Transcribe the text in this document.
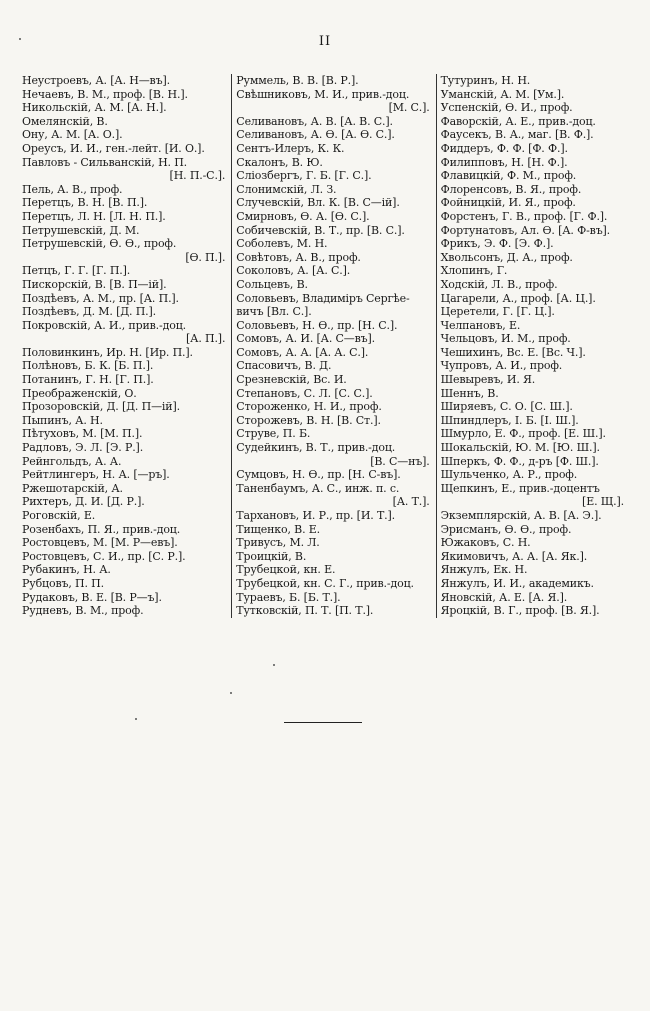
II
Неустроевъ, А. [А. Н—въ].
Нечаевъ, В. М., проф. [В. Н.].
Никольскій, А. М. [А. Н.].
Омелянскій, В.
Ону, А. М. [А. О.].
Ореусъ, И. И., ген.-лейт. [И. О.].
Павловъ - Сильванскій, Н. П.
[Н. П.-С.].
Пель, А. В., проф.
Перетцъ, В. Н. [В. П.].
Перетцъ, Л. Н. [Л. Н. П.].
Петрушевскій, Д. М.
Петрушевскій, Ѳ. Ѳ., проф.
[Ѳ. П.].
Петцъ, Г. Г. [Г. П.].
Пискорскій, В. [В. П—ій].
Поздѣевъ, А. М., пр. [А. П.].
Поздѣевъ, Д. М. [Д. П.].
Покровскій, А. И., прив.-доц.
[А. П.].
Половинкинъ, Ир. Н. [Ир. П.].
Полѣновъ, Б. К. [Б. П.].
Потанинъ, Г. Н. [Г. П.].
Преображенскій, О.
Прозоровскій, Д. [Д. П—ій].
Пыпинъ, А. Н.
Пѣтуховъ, М. [М. П.].
Радловъ, Э. Л. [Э. Р.].
Рейнгольдъ, А. А.
Рейтлингеръ, Н. А. [—ръ].
Ржешотарскій, А.
Рихтеръ, Д. И. [Д. Р.].
Роговскій, Е.
Розенбахъ, П. Я., прив.-доц.
Ростовцевъ, М. [М. Р—евъ].
Ростовцевъ, С. И., пр. [С. Р.].
Рубакинъ, Н. А.
Рубцовъ, П. П.
Рудаковъ, В. Е. [В. Р—ъ].
Рудневъ, В. М., проф.
Руммель, В. В. [В. Р.].
Свѣшниковъ, М. И., прив.-доц.
[М. С.].
Селивановъ, А. В. [А. В. С.].
Селивановъ, А. Ѳ. [А. Ѳ. С.].
Сентъ-Илеръ, К. К.
Скалонъ, В. Ю.
Сліозбергъ, Г. Б. [Г. С.].
Слонимскій, Л. З.
Случевскій, Вл. К. [В. С—ій].
Смирновъ, Ѳ. А. [Ѳ. С.].
Собичевскій, В. Т., пр. [В. С.].
Соболевъ, М. Н.
Совѣтовъ, А. В., проф.
Соколовъ, А. [А. С.].
Сольцевъ, В.
Соловьевъ, Владиміръ Сергѣе-
вичъ [Вл. С.].
Соловьевъ, Н. Ѳ., пр. [Н. С.].
Сомовъ, А. И. [А. С—въ].
Сомовъ, А. А. [А. А. С.].
Спасовичъ, В. Д.
Срезневскій, Вс. И.
Степановъ, С. Л. [С. С.].
Стороженко, Н. И., проф.
Сторожевъ, В. Н. [В. Ст.].
Струве, П. Б.
Судейкинъ, В. Т., прив.-доц.
[В. С—нъ].
Сумцовъ, Н. Ѳ., пр. [Н. С-въ].
Таненбаумъ, А. С., инж. п. с.
[А. Т.].
Тархановъ, И. Р., пр. [И. Т.].
Тищенко, В. Е.
Тривусъ, М. Л.
Троицкій, В.
Трубецкой, кн. Е.
Трубецкой, кн. С. Г., прив.-доц.
Тураевъ, Б. [Б. Т.].
Тутковскій, П. Т. [П. Т.].
Тутуринъ, Н. Н.
Уманскій, А. М. [Ум.].
Успенскій, Ѳ. И., проф.
Фаворскій, А. Е., прив.-доц.
Фаусекъ, В. А., маг. [В. Ф.].
Фиддеръ, Ф. Ф. [Ф. Ф.].
Филипповъ, Н. [Н. Ф.].
Флавицкій, Ф. М., проф.
Флоренсовъ, В. Я., проф.
Фойницкій, И. Я., проф.
Форстенъ, Г. В., проф. [Г. Ф.].
Фортунатовъ, Ал. Ѳ. [А. Ф-въ].
Фрикъ, Э. Ф. [Э. Ф.].
Хвольсонъ, Д. А., проф.
Хлопинъ, Г.
Ходскій, Л. В., проф.
Цагарели, А., проф. [А. Ц.].
Церетели, Г. [Г. Ц.].
Челпановъ, Е.
Чельцовъ, И. М., проф.
Чешихинъ, Вс. Е. [Вс. Ч.].
Чупровъ, А. И., проф.
Шевыревъ, И. Я.
Шеннъ, В.
Ширяевъ, С. О. [С. Ш.].
Шпиндлеръ, І. Б. [І. Ш.].
Шмурло, Е. Ф., проф. [Е. Ш.].
Шокальскій, Ю. М. [Ю. Ш.].
Шперкъ, Ф. Ф., д-ръ [Ф. Ш.].
Шульченко, А. Р., проф.
Щепкинъ, Е., прив.-доцентъ
[Е. Щ.].
Экземплярскій, А. В. [А. Э.].
Эрисманъ, Ѳ. Ѳ., проф.
Южаковъ, С. Н.
Якимовичъ, А. А. [А. Як.].
Янжулъ, Ек. Н.
Янжулъ, И. И., академикъ.
Яновскій, А. Е. [А. Я.].
Яроцкій, В. Г., проф. [В. Я.].
